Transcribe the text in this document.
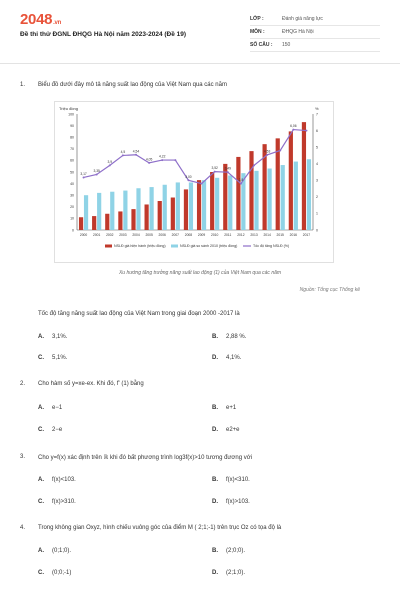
2048.vn
Đề thi thử ĐGNL ĐHQG Hà Nội năm 2023-2024 (Đề 19)
LỚP :	Đánh giá năng lực
MÔN :	ĐHQG Hà Nội
SỐ CÂU :	150
1. Biểu đồ dưới đây mô tả năng suất lao động của Việt Nam qua các năm
Triệu đồng	%
0
10
20
30
40
50
60
70
80
90
100
0
1
2
3
4
5
6
7
2000 2001 2002 2003 2004 2005 2006 2007 2008 2009 2010 2011 2012 2013 2014 2015 2016 2017
3,17
3,35
3,9
4,5 4,54
4,05
4,22
3,00
3,52 3,49
2,8
4,53
6,06
NSLĐ giá hiện hành (triệu đồng)	NSLĐ giá so sánh 2010 (triệu đồng)	Tốc độ tăng NSLĐ (%)
Xu hướng tăng trưởng năng suất lao động (1) của Việt Nam qua các năm
Nguồn: Tổng cục Thống kê
Tốc độ tăng năng suất lao động của Việt Nam trong giai đoạn 2000 -2017 là
A. 3,1%.	B. 2,88 %.
C. 5,1%.	D. 4,1%.
2. Cho hàm số y=xe-ex. Khi đó, f' (1) bằng
A. e−1	B. e+1
C. 2−e	D. e2+e
3. Cho y=f(x) xác định trên ℝ khi đó bất phương trình log3f(x)>10 tương đương với
A. f(x)<103.	B. f(x)<310.
C. f(x)>310.	D. f(x)>103.
4. Trong không gian Oxyz, hình chiếu vuông góc của điểm M ( 2;1;-1) trên trục Oz có tọa độ là
A. (0;1;0).	B. (2;0;0).
C. (0;0;-1)	D. (2;1;0).
